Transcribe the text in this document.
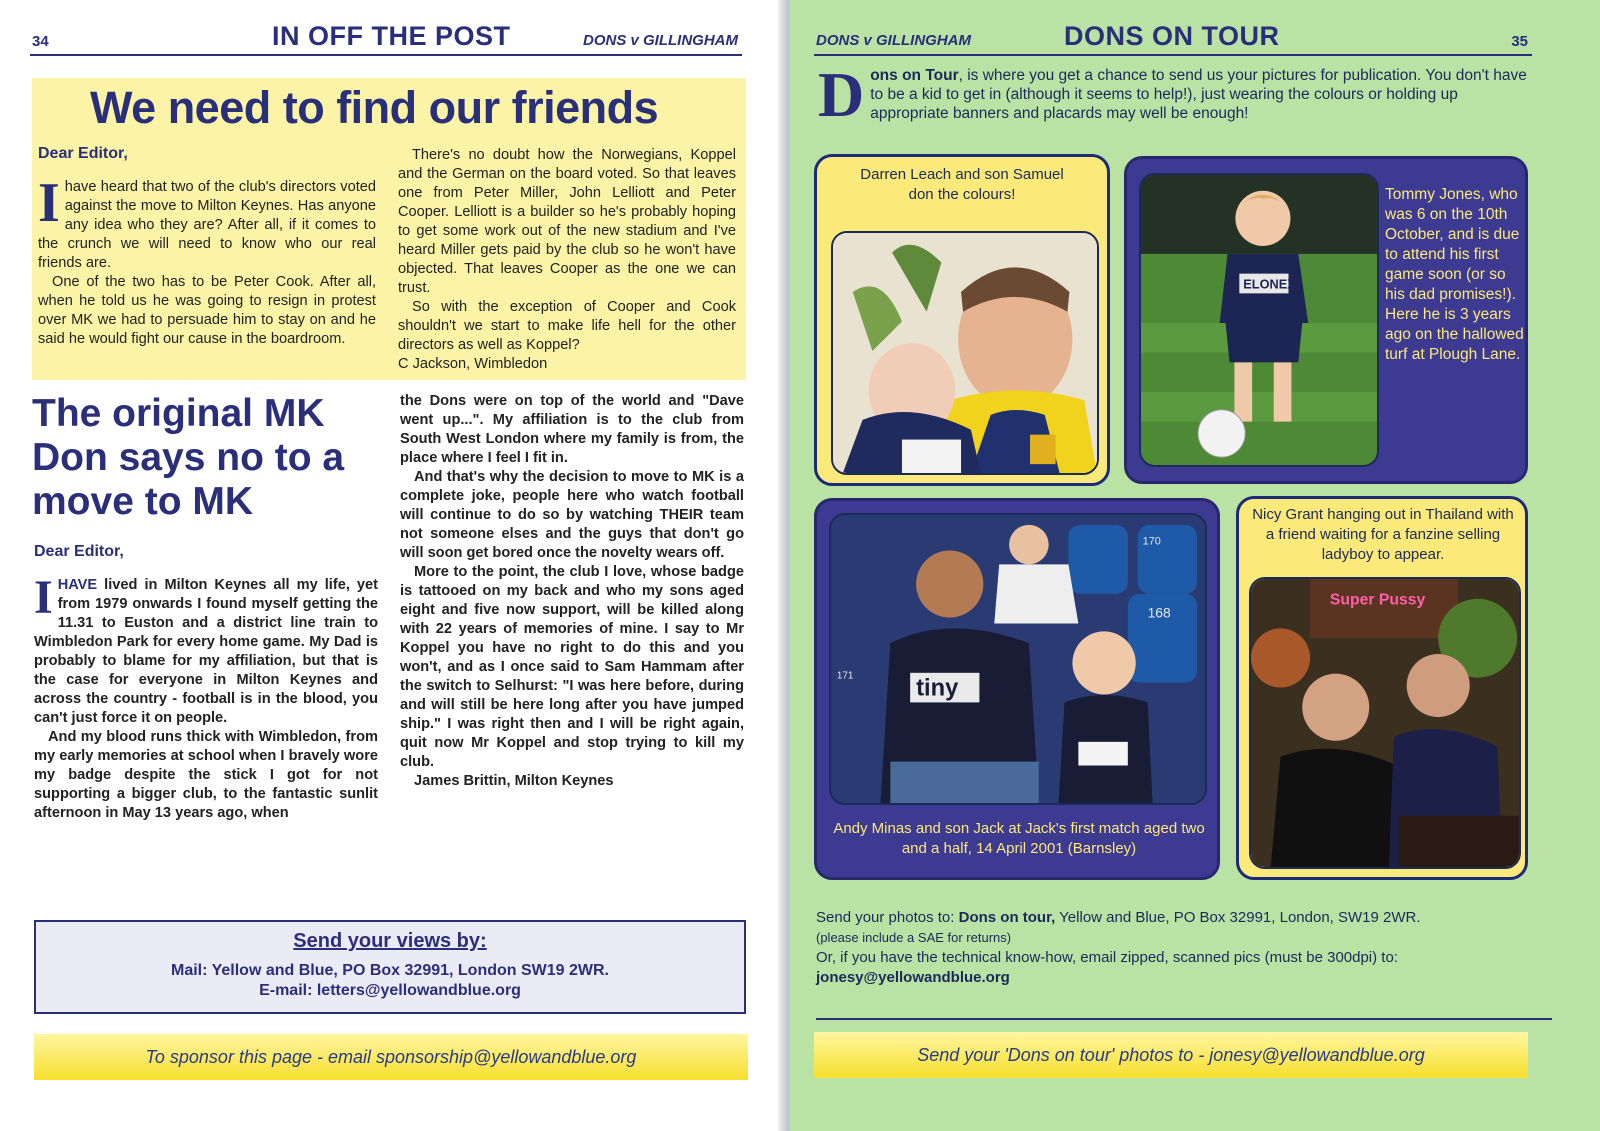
34	IN OFF THE POST	DONS v GILLINGHAM
We need to find our friends
Dear Editor,

Ihave heard that two of the club's directors voted against the move to Milton Keynes. Has anyone any idea who they are? After all, if it comes to the crunch we will need to know who our real friends are.

One of the two has to be Peter Cook. After all, when he told us he was going to resign in protest over MK we had to persuade him to stay on and he said he would fight our cause in the boardroom.

There's no doubt how the Norwegians, Koppel and the German on the board voted. So that leaves one from Peter Miller, John Lelliott and Peter Cooper. Lelliott is a builder so he's probably hoping to get some work out of the new stadium and I've heard Miller gets paid by the club so he won't have objected. That leaves Cooper as the one we can trust.

So with the exception of Cooper and Cook shouldn't we start to make life hell for the other directors as well as Koppel?

C Jackson, Wimbledon

The original MK Don says no to a move to MK
Dear Editor,

IHAVE lived in Milton Keynes all my life, yet from 1979 onwards I found myself getting the 11.31 to Euston and a district line train to Wimbledon Park for every home game. My Dad is probably to blame for my affiliation, but that is the case for everyone in Milton Keynes and across the country - football is in the blood, you can't just force it on people.

And my blood runs thick with Wimbledon, from my early memories at school when I bravely wore my badge despite the stick I got for not supporting a bigger club, to the fantastic sunlit afternoon in May 13 years ago, when

the Dons were on top of the world and "Dave went up...". My affiliation is to the club from South West London where my family is from, the place where I feel I fit in.

And that's why the decision to move to MK is a complete joke, people here who watch football will continue to do so by watching THEIR team not someone elses and the guys that don't go will soon get bored once the novelty wears off.

More to the point, the club I love, whose badge is tattooed on my back and who my sons aged eight and five now support, will be killed along with 22 years of memories of mine. I say to Mr Koppel you have no right to do this and you won't, and as I once said to Sam Hammam after the switch to Selhurst: "I was here before, during and will still be here long after you have jumped ship." I was right then and I will be right again, quit now Mr Koppel and stop trying to kill my club.

James Brittin, Milton Keynes

Send your views by:
Mail: Yellow and Blue, PO Box 32991, London SW19 2WR.
E-mail: letters@yellowandblue.org
To sponsor this page - email sponsorship@yellowandblue.org
DONS v GILLINGHAM	DONS ON TOUR	35
Dons on Tour, is where you get a chance to send us your pictures for publication. You don't have to be a kid to get in (although it seems to help!), just wearing the colours or holding up appropriate banners and placards may well be enough!
Darren Leach and son Samuel don the colours!
ELONEX
Tommy Jones, who was 6 on the 10th October, and is due to attend his first game soon (or so his dad promises!). Here he is 3 years ago on the hallowed turf at Plough Lane.
170
168
171	tiny
Andy Minas and son Jack at Jack's first match aged two and a half, 14 April 2001 (Barnsley)
Nicy Grant hanging out in Thailand with a friend waiting for a fanzine selling ladyboy to appear.
Super Pussy
Send your photos to: Dons on tour, Yellow and Blue, PO Box 32991, London, SW19 2WR.
(please include a SAE for returns)
Or, if you have the technical know-how, email zipped, scanned pics (must be 300dpi) to:
jonesy@yellowandblue.org
Send your 'Dons on tour' photos to - jonesy@yellowandblue.org
